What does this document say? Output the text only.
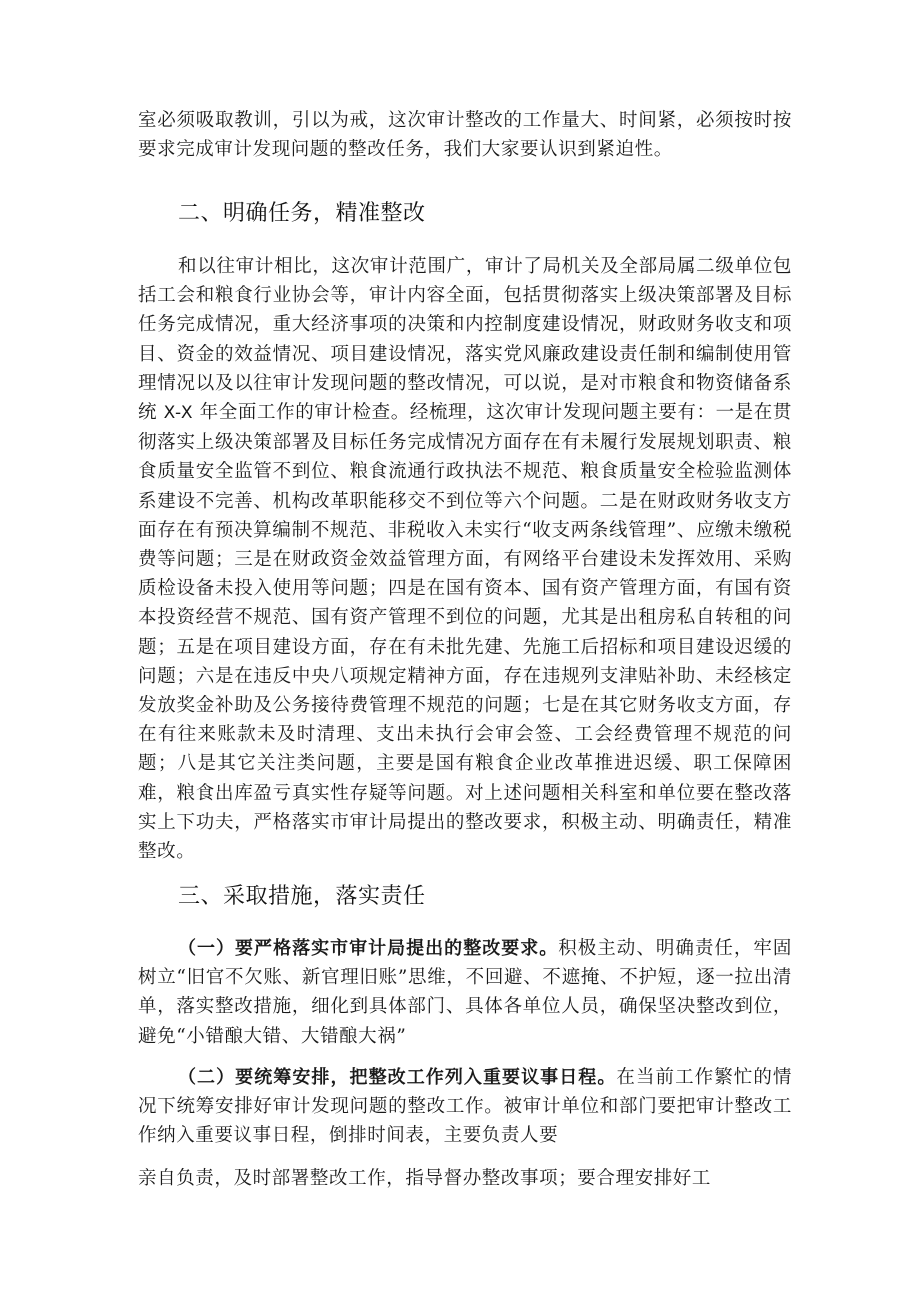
室必须吸取教训，引以为戒，这次审计整改的工作量大、时间紧，必须按时按要求完成审计发现问题的整改任务，我们大家要认识到紧迫性。

二、明确任务，精准整改

和以往审计相比，这次审计范围广，审计了局机关及全部局属二级单位包括工会和粮食行业协会等，审计内容全面，包括贯彻落实上级决策部署及目标任务完成情况，重大经济事项的决策和内控制度建设情况，财政财务收支和项目、资金的效益情况、项目建设情况，落实党风廉政建设责任制和编制使用管理情况以及以往审计发现问题的整改情况，可以说，是对市粮食和物资储备系统 X-X 年全面工作的审计检查。经梳理，这次审计发现问题主要有：一是在贯彻落实上级决策部署及目标任务完成情况方面存在有未履行发展规划职责、粮食质量安全监管不到位、粮食流通行政执法不规范、粮食质量安全检验监测体系建设不完善、机构改革职能移交不到位等六个问题。二是在财政财务收支方面存在有预决算编制不规范、非税收入未实行“收支两条线管理”、应缴未缴税费等问题；三是在财政资金效益管理方面，有网络平台建设未发挥效用、采购质检设备未投入使用等问题；四是在国有资本、国有资产管理方面，有国有资本投资经营不规范、国有资产管理不到位的问题，尤其是出租房私自转租的问题；五是在项目建设方面，存在有未批先建、先施工后招标和项目建设迟缓的问题；六是在违反中央八项规定精神方面，存在违规列支津贴补助、未经核定发放奖金补助及公务接待费管理不规范的问题；七是在其它财务收支方面，存在有往来账款未及时清理、支出未执行会审会签、工会经费管理不规范的问题；八是其它关注类问题，主要是国有粮食企业改革推进迟缓、职工保障困难，粮食出库盈亏真实性存疑等问题。对上述问题相关科室和单位要在整改落实上下功夫，严格落实市审计局提出的整改要求，积极主动、明确责任，精准整改。

三、采取措施，落实责任

（一）要严格落实市审计局提出的整改要求。积极主动、明确责任，牢固树立“旧官不欠账、新官理旧账”思维，不回避、不遮掩、不护短，逐一拉出清单，落实整改措施，细化到具体部门、具体各单位人员，确保坚决整改到位，避免“小错酿大错、大错酿大祸”

（二）要统筹安排，把整改工作列入重要议事日程。在当前工作繁忙的情况下统筹安排好审计发现问题的整改工作。被审计单位和部门要把审计整改工作纳入重要议事日程，倒排时间表，主要负责人要

亲自负责，及时部署整改工作，指导督办整改事项；要合理安排好工
